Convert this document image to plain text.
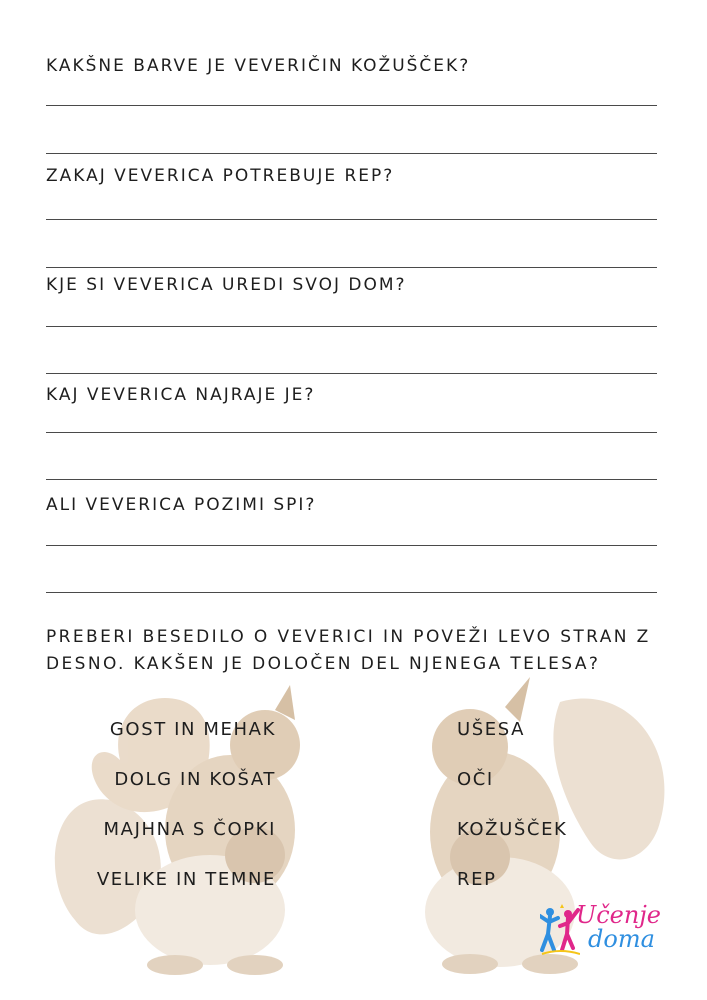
KAKŠNE BARVE JE VEVERIČIN KOŽUŠČEK?
ZAKAJ VEVERICA POTREBUJE REP?
KJE SI VEVERICA UREDI SVOJ DOM?
KAJ VEVERICA NAJRAJE JE?
ALI VEVERICA POZIMI SPI?

PREBERI BESEDILO O VEVERICI IN POVEŽI LEVO STRAN Z
DESNO. KAKŠEN JE DOLOČEN DEL NJENEGA TELESA?

GOST IN MEHAK
DOLG IN KOŠAT
MAJHNA S ČOPKI
VELIKE IN TEMNE
UŠESA
OČI
KOŽUŠČEK
REP
Učenje
doma
